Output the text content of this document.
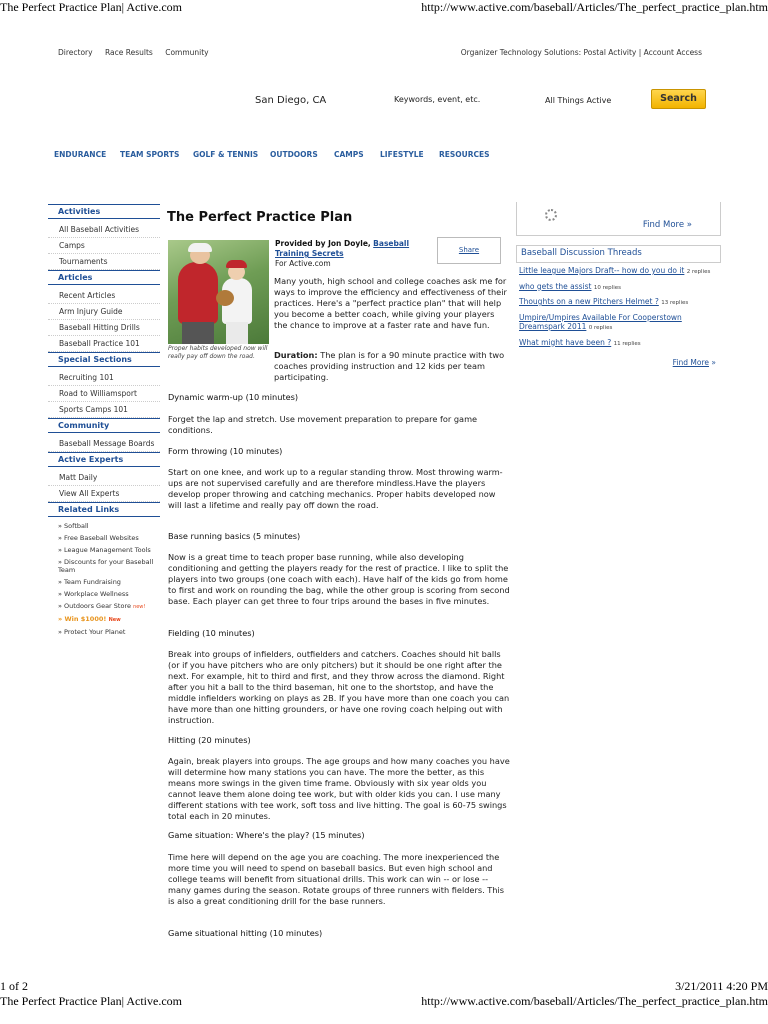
The Perfect Practice Plan| Active.com	http://www.active.com/baseball/Articles/The_perfect_practice_plan.htm
Directory Race Results Community	Organizer Technology Solutions: Postal Activity | Account Access
San Diego, CA	Keywords, event, etc.	All Things Active	Search
ENDURANCE TEAM SPORTS GOLF & TENNIS OUTDOORS CAMPS LIFESTYLE RESOURCES
Activities
All Baseball Activities
Camps
Tournaments
Articles
Recent Articles
Arm Injury Guide
Baseball Hitting Drills
Baseball Practice 101
Special Sections
Recruiting 101
Road to Williamsport
Sports Camps 101
Community
Baseball Message Boards
Active Experts
Matt Daily
View All Experts
Related Links
» Softball
» Free Baseball Websites
» League Management Tools
» Discounts for your Baseball Team
» Team Fundraising
» Workplace Wellness
» Outdoors Gear Store new!
» Win $1000! New
» Protect Your Planet
The Perfect Practice Plan
Proper habits developed now will really pay off down the road.
Provided by Jon Doyle, Baseball Training Secrets
For Active.com
Share
Many youth, high school and college coaches ask me for ways to improve the efficiency and effectiveness of their practices. Here's a "perfect practice plan" that will help you become a better coach, while giving your players the chance to improve at a faster rate and have fun.
Duration: The plan is for a 90 minute practice with two coaches providing instruction and 12 kids per team participating.
Dynamic warm-up (10 minutes)
Forget the lap and stretch. Use movement preparation to prepare for game conditions.
Form throwing (10 minutes)
Start on one knee, and work up to a regular standing throw. Most throwing warm-ups are not supervised carefully and are therefore mindless.Have the players develop proper throwing and catching mechanics. Proper habits developed now will last a lifetime and really pay off down the road.
Base running basics (5 minutes)
Now is a great time to teach proper base running, while also developing conditioning and getting the players ready for the rest of practice. I like to split the players into two groups (one coach with each). Have half of the kids go from home to first and work on rounding the bag, while the other group is scoring from second base. Each player can get three to four trips around the bases in five minutes.
Fielding (10 minutes)
Break into groups of infielders, outfielders and catchers. Coaches should hit balls (or if you have pitchers who are only pitchers) but it should be one right after the next. For example, hit to third and first, and they throw across the diamond. Right after you hit a ball to the third baseman, hit one to the shortstop, and have the middle infielders working on plays as 2B. If you have more than one coach you can have more than one hitting grounders, or have one roving coach helping out with instruction.
Hitting (20 minutes)
Again, break players into groups. The age groups and how many coaches you have will determine how many stations you can have. The more the better, as this means more swings in the given time frame. Obviously with six year olds you cannot leave them alone doing tee work, but with older kids you can. I use many different stations with tee work, soft toss and live hitting. The goal is 60-75 swings total each in 20 minutes.
Game situation: Where's the play? (15 minutes)
Time here will depend on the age you are coaching. The more inexperienced the more time you will need to spend on baseball basics. But even high school and college teams will benefit from situational drills. This work can win -- or lose -- many games during the season. Rotate groups of three runners with fielders. This is also a great conditioning drill for the base runners.
Game situational hitting (10 minutes)
Find More »
Baseball Discussion Threads
Little league Majors Draft-- how do you do it 2 replies
who gets the assist 10 replies
Thoughts on a new Pitchers Helmet ? 13 replies
Umpire/Umpires Available For Cooperstown Dreamspark 2011 0 replies
What might have been ? 11 replies
Find More »
1 of 2	3/21/2011 4:20 PM
The Perfect Practice Plan| Active.com	http://www.active.com/baseball/Articles/The_perfect_practice_plan.htm
